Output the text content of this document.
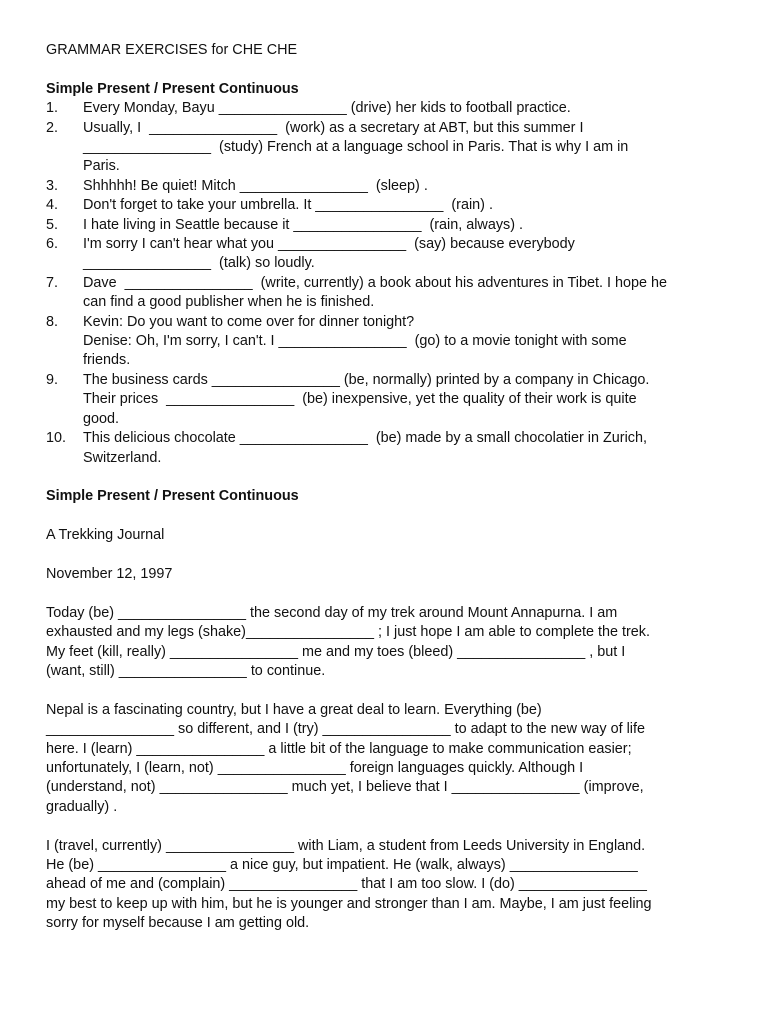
GRAMMAR EXERCISES for CHE CHE
Simple Present / Present Continuous
1. Every Monday, Bayu ________________ (drive) her kids to football practice.
2. Usually, I  ________________  (work) as a secretary at ABT, but this summer I
________________  (study) French at a language school in Paris. That is why I am in
Paris.
3. Shhhhh! Be quiet! Mitch ________________  (sleep) .
4. Don't forget to take your umbrella. It ________________  (rain) .
5. I hate living in Seattle because it ________________  (rain, always) .
6. I'm sorry I can't hear what you ________________  (say) because everybody
________________  (talk) so loudly.
7. Dave  ________________  (write, currently) a book about his adventures in Tibet. I hope he
can find a good publisher when he is finished.
8. Kevin: Do you want to come over for dinner tonight?
Denise: Oh, I'm sorry, I can't. I ________________  (go) to a movie tonight with some
friends.
9. The business cards ________________ (be, normally) printed by a company in Chicago.
Their prices  ________________  (be) inexpensive, yet the quality of their work is quite
good.
10. This delicious chocolate ________________  (be) made by a small chocolatier in Zurich,
Switzerland.
Simple Present / Present Continuous
A Trekking Journal
November 12, 1997
Today (be) ________________ the second day of my trek around Mount Annapurna. I am
exhausted and my legs (shake)________________ ; I just hope I am able to complete the trek.
My feet (kill, really) ________________ me and my toes (bleed) ________________ , but I
(want, still) ________________ to continue.
Nepal is a fascinating country, but I have a great deal to learn. Everything (be)
________________ so different, and I (try) ________________ to adapt to the new way of life
here. I (learn) ________________ a little bit of the language to make communication easier;
unfortunately, I (learn, not) ________________ foreign languages quickly. Although I
(understand, not) ________________ much yet, I believe that I ________________ (improve,
gradually) .
I (travel, currently) ________________ with Liam, a student from Leeds University in England.
He (be) ________________ a nice guy, but impatient. He (walk, always) ________________
ahead of me and (complain) ________________ that I am too slow. I (do) ________________
my best to keep up with him, but he is younger and stronger than I am. Maybe, I am just feeling
sorry for myself because I am getting old.
